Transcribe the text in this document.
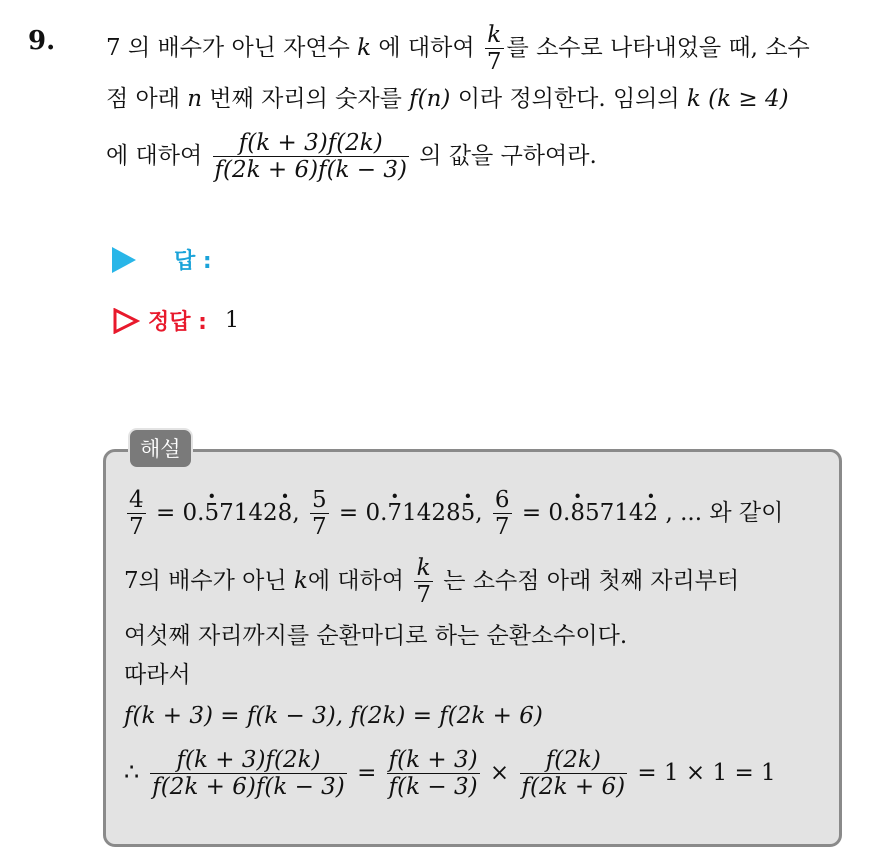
9. 7 의 배수가 아닌 자연수 k 에 대하여 $\frac{k}{7}$ 를 소수로 나타내었을 때, 소수
점 아래 n 번째 자리의 숫자를 f(n) 이라 정의한다. 임의의 k (k ≥ 4)
에 대하여 $\frac{f(k + 3)f(2k)}{f(2k + 6)f(k - 3)}$ 의 값을 구하여라.
답 :
정답 : 1
해설
$\frac{4}{7} = 0.5 \cdot 71428$ ·, $\frac{5}{7} = 0.7 \cdot 14285$ ·, $\frac{6}{7} = 0.8 \cdot 57142$ · , ... 와 같이
7의 배수가 아닌 k에 대하여 $\frac{k}{7}$ 는 소수점 아래 첫째 자리부터
여섯째 자리까지를 순환마디로 하는 순환소수이다.
따라서
f(k + 3) = f(k − 3), f(2k) = f(2k + 6)
∴ $\frac{f(k + 3)f(2k)}{f(2k + 6)f(k - 3)} = \frac{f(k + 3)}{f(k - 3)} \times \frac{f(2k)}{f(2k + 6)} = 1 \times 1 = 1$
